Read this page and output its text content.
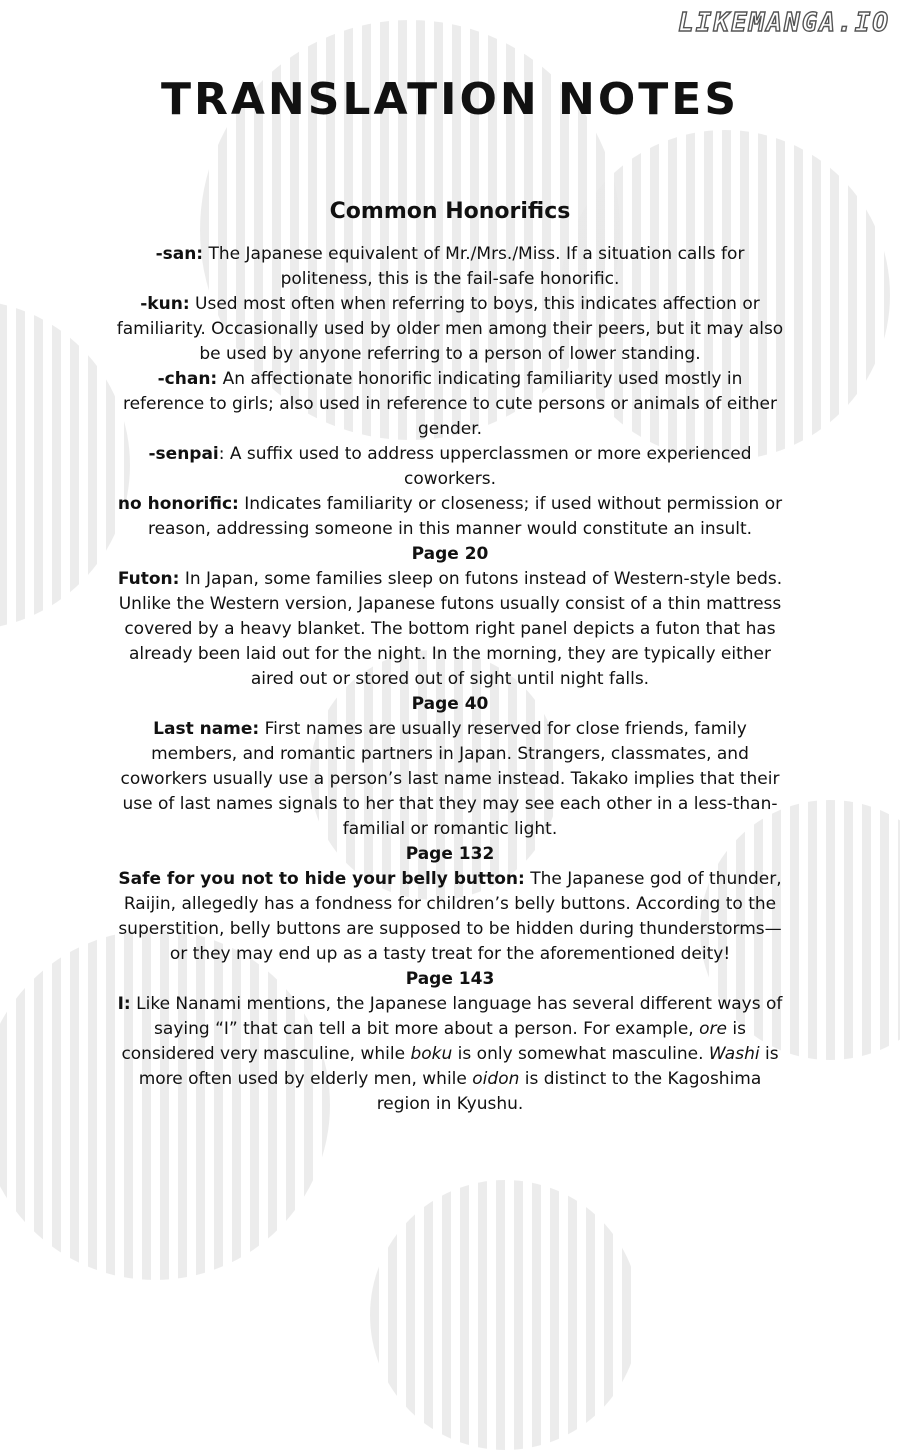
LIKEMANGA.IO
TRANSLATION NOTES
Common Honorifics

-san: The Japanese equivalent of Mr./Mrs./Miss. If a situation calls for politeness, this is the fail-safe honorific.

-kun: Used most often when referring to boys, this indicates affection or familiarity. Occasionally used by older men among their peers, but it may also be used by anyone referring to a person of lower standing.

-chan: An affectionate honorific indicating familiarity used mostly in reference to girls; also used in reference to cute persons or animals of either gender.

-senpai: A suffix used to address upperclassmen or more experienced coworkers.

no honorific: Indicates familiarity or closeness; if used without permission or reason, addressing someone in this manner would constitute an insult.

Page 20

Futon: In Japan, some families sleep on futons instead of Western-style beds. Unlike the Western version, Japanese futons usually consist of a thin mattress covered by a heavy blanket. The bottom right panel depicts a futon that has already been laid out for the night. In the morning, they are typically either aired out or stored out of sight until night falls.

Page 40

Last name: First names are usually reserved for close friends, family members, and romantic partners in Japan. Strangers, classmates, and coworkers usually use a person’s last name instead. Takako implies that their use of last names signals to her that they may see each other in a less-than-familial or romantic light.

Page 132

Safe for you not to hide your belly button: The Japanese god of thunder, Raijin, allegedly has a fondness for children’s belly buttons. According to the superstition, belly buttons are supposed to be hidden during thunderstorms—or they may end up as a tasty treat for the aforementioned deity!

Page 143

I: Like Nanami mentions, the Japanese language has several different ways of saying “I” that can tell a bit more about a person. For example, ore is considered very masculine, while boku is only somewhat masculine. Washi is more often used by elderly men, while oidon is distinct to the Kagoshima region in Kyushu.
